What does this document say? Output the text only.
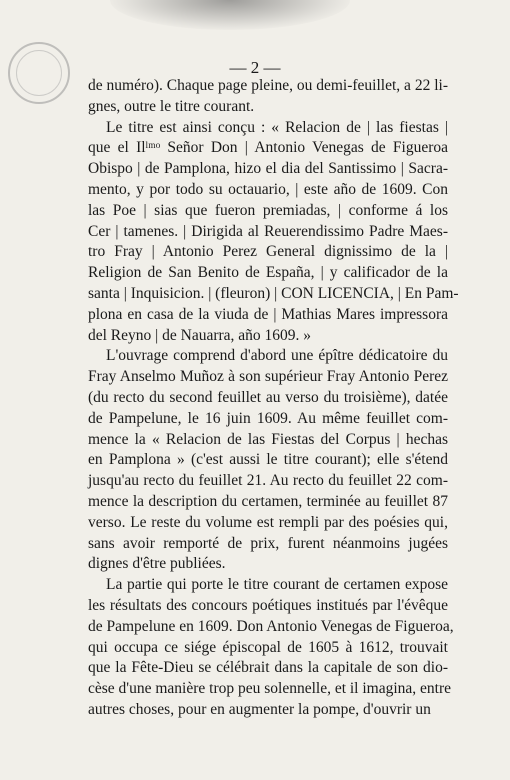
— 2 —
de numéro). Chaque page pleine, ou demi-feuillet, a 22 li-
gnes, outre le titre courant.
Le titre est ainsi conçu : « Relacion de | las fiestas |
que el Ilˡᵐᵒ Señor Don | Antonio Venegas de Figueroa
Obispo | de Pamplona, hizo el dia del Santissimo | Sacra-
mento, y por todo su octauario, | este año de 1609. Con
las Poe | sias que fueron premiadas, | conforme á los
Cer | tamenes. | Dirigida al Reuerendissimo Padre Maes-
tro Fray | Antonio Perez General dignissimo de la |
Religion de San Benito de España, | y calificador de la
santa | Inquisicion. | (fleuron) | CON LICENCIA, | En Pam-
plona en casa de la viuda de | Mathias Mares impressora
del Reyno | de Nauarra, año 1609. »
L'ouvrage comprend d'abord une épître dédicatoire du
Fray Anselmo Muñoz à son supérieur Fray Antonio Perez
(du recto du second feuillet au verso du troisième), datée
de Pampelune, le 16 juin 1609. Au même feuillet com-
mence la « Relacion de las Fiestas del Corpus | hechas
en Pamplona » (c'est aussi le titre courant); elle s'étend
jusqu'au recto du feuillet 21. Au recto du feuillet 22 com-
mence la description du certamen, terminée au feuillet 87
verso. Le reste du volume est rempli par des poésies qui,
sans avoir remporté de prix, furent néanmoins jugées
dignes d'être publiées.
La partie qui porte le titre courant de certamen expose
les résultats des concours poétiques institués par l'évêque
de Pampelune en 1609. Don Antonio Venegas de Figueroa,
qui occupa ce siége épiscopal de 1605 à 1612, trouvait
que la Fête-Dieu se célébrait dans la capitale de son dio-
cèse d'une manière trop peu solennelle, et il imagina, entre
autres choses, pour en augmenter la pompe, d'ouvrir un
